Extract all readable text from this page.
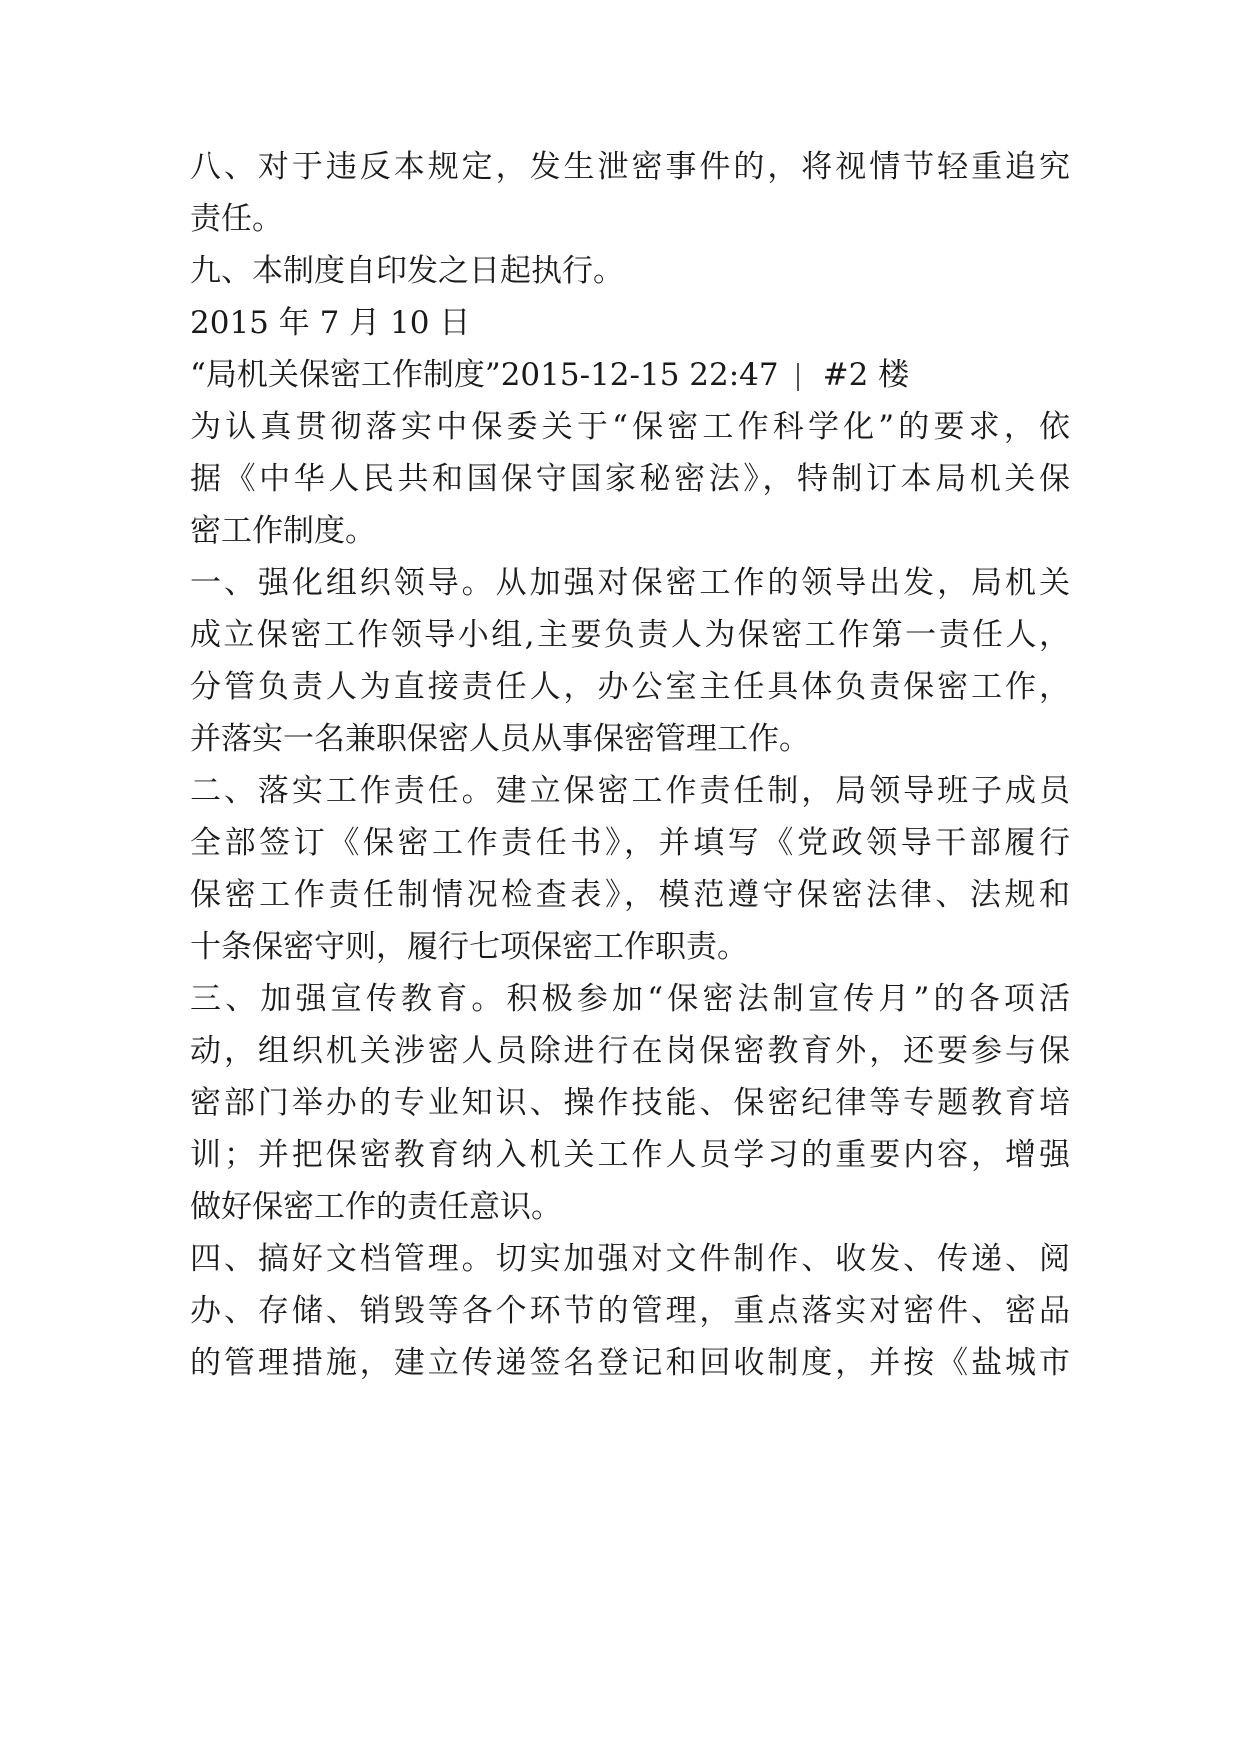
八、对于违反本规定，发生泄密事件的，将视情节轻重追究
责任。
九、本制度自印发之日起执行。
2015 年 7 月 10 日
“局机关保密工作制度”2015-12-15 22:47 #2 楼
为认真贯彻落实中保委关于“保密工作科学化”的要求，依
据《中华人民共和国保守国家秘密法》，特制订本局机关保
密工作制度。
一、强化组织领导。从加强对保密工作的领导出发，局机关
成立保密工作领导小组,主要负责人为保密工作第一责任人，
分管负责人为直接责任人，办公室主任具体负责保密工作，
并落实一名兼职保密人员从事保密管理工作。
二、落实工作责任。建立保密工作责任制，局领导班子成员
全部签订《保密工作责任书》，并填写《党政领导干部履行
保密工作责任制情况检查表》，模范遵守保密法律、法规和
十条保密守则，履行七项保密工作职责。
三、加强宣传教育。积极参加“保密法制宣传月”的各项活
动，组织机关涉密人员除进行在岗保密教育外，还要参与保
密部门举办的专业知识、操作技能、保密纪律等专题教育培
训；并把保密教育纳入机关工作人员学习的重要内容，增强
做好保密工作的责任意识。
四、搞好文档管理。切实加强对文件制作、收发、传递、阅
办、存储、销毁等各个环节的管理，重点落实对密件、密品
的管理措施，建立传递签名登记和回收制度，并按《盐城市
